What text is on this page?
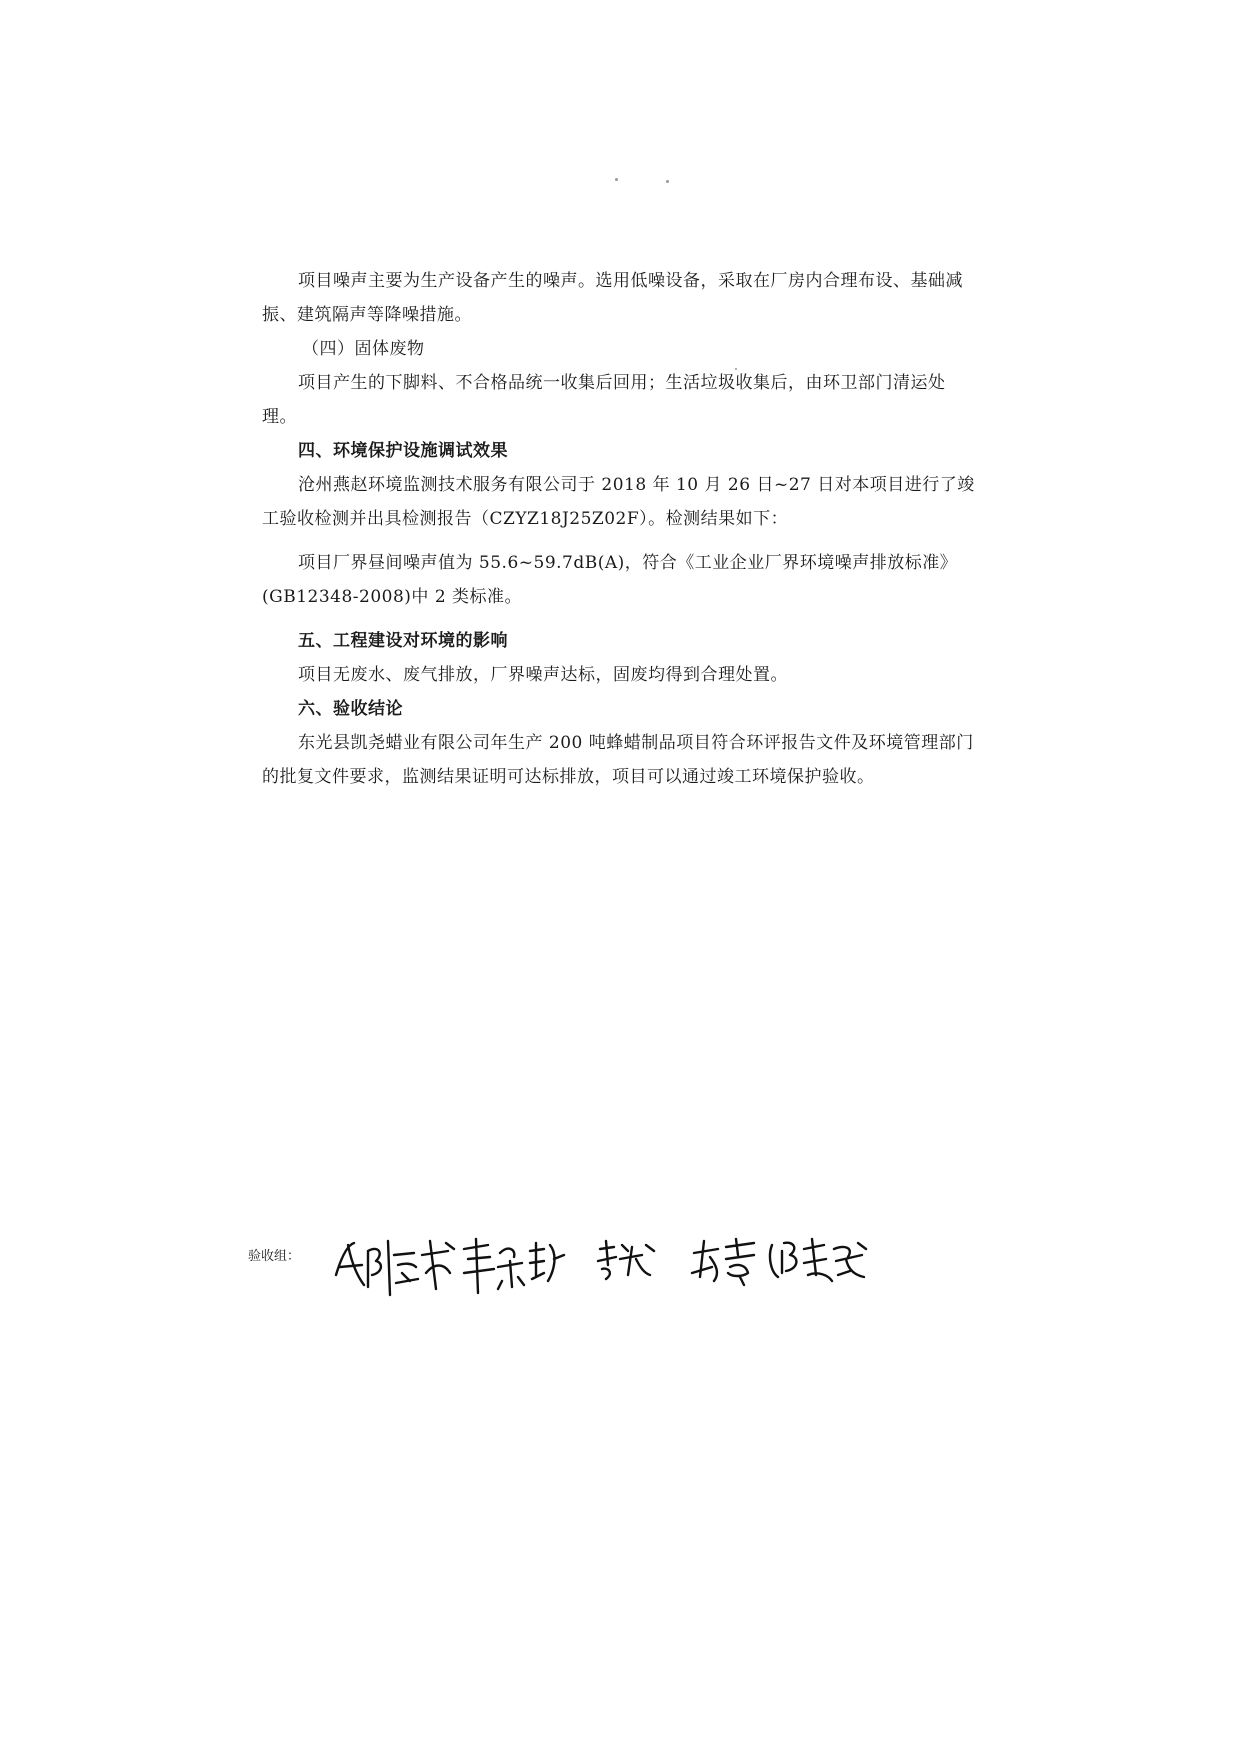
项目噪声主要为生产设备产生的噪声。选用低噪设备，采取在厂房内合理布设、基础减振、建筑隔声等降噪措施。

（四）固体废物

项目产生的下脚料、不合格品统一收集后回用；生活垃圾收集后，由环卫部门清运处理。

四、环境保护设施调试效果

沧州燕赵环境监测技术服务有限公司于 2018 年 10 月 26 日~27 日对本项目进行了竣工验收检测并出具检测报告（CZYZ18J25Z02F）。检测结果如下：

项目厂界昼间噪声值为 55.6~59.7dB(A)，符合《工业企业厂界环境噪声排放标准》(GB12348-2008)中 2 类标准。

五、工程建设对环境的影响

项目无废水、废气排放，厂界噪声达标，固废均得到合理处置。

六、验收结论

东光县凯尧蜡业有限公司年生产 200 吨蜂蜡制品项目符合环评报告文件及环境管理部门的批复文件要求，监测结果证明可达标排放，项目可以通过竣工环境保护验收。

验收组：
